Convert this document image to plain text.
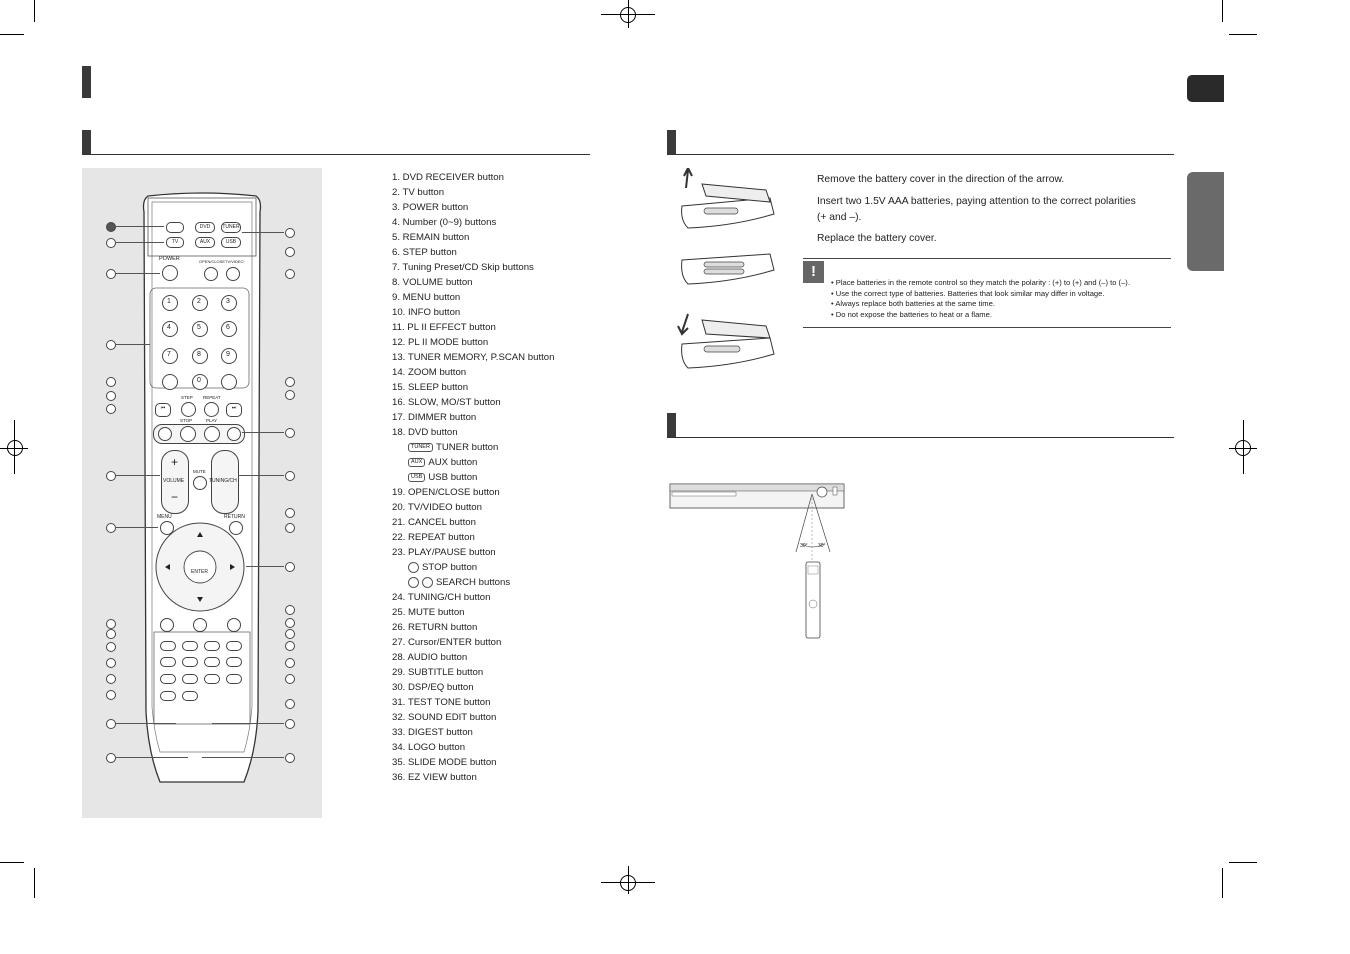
DVD	TUNER
TV	AUX	USB
POWER	OPEN/CLOSE TV/VIDEO
1	2	3
4	5	6
7	8	9
0
STEP REPEAT
⏮	⏭
STOP	PLAY
+
−
VOLUME	TUNING/CH
MUTE
MENU	RETURN
ENTER
1. DVD RECEIVER button
2. TV button
3. POWER button
4. Number (0~9) buttons
5. REMAIN button
6. STEP button
7. Tuning Preset/CD Skip buttons
8. VOLUME button
9. MENU button
10. INFO button
11. PL II EFFECT button
12. PL II MODE button
13. TUNER MEMORY, P.SCAN button
14. ZOOM button
15. SLEEP button
16. SLOW, MO/ST button
17. DIMMER button
18. DVD button
TUNER TUNER button
AUX AUX button
USB USB button
19. OPEN/CLOSE button
20. TV/VIDEO button
21. CANCEL button
22. REPEAT button
23. PLAY/PAUSE button
STOP button
SEARCH buttons
24. TUNING/CH button
25. MUTE button
26. RETURN button
27. Cursor/ENTER button
28. AUDIO button
29. SUBTITLE button
30. DSP/EQ button
31. TEST TONE button
32. SOUND EDIT button
33. DIGEST button
34. LOGO button
35. SLIDE MODE button
36. EZ VIEW button
Remove the battery cover in the direction of the arrow.
Insert two 1.5V AAA batteries, paying attention to the correct polarities (+ and –).
Replace the battery cover.
!
• Place batteries in the remote control so they match the polarity : (+) to (+) and (–) to (–).
• Use the correct type of batteries. Batteries that look similar may differ in voltage.
• Always replace both batteries at the same time.
• Do not expose the batteries to heat or a flame.
30° 30°
